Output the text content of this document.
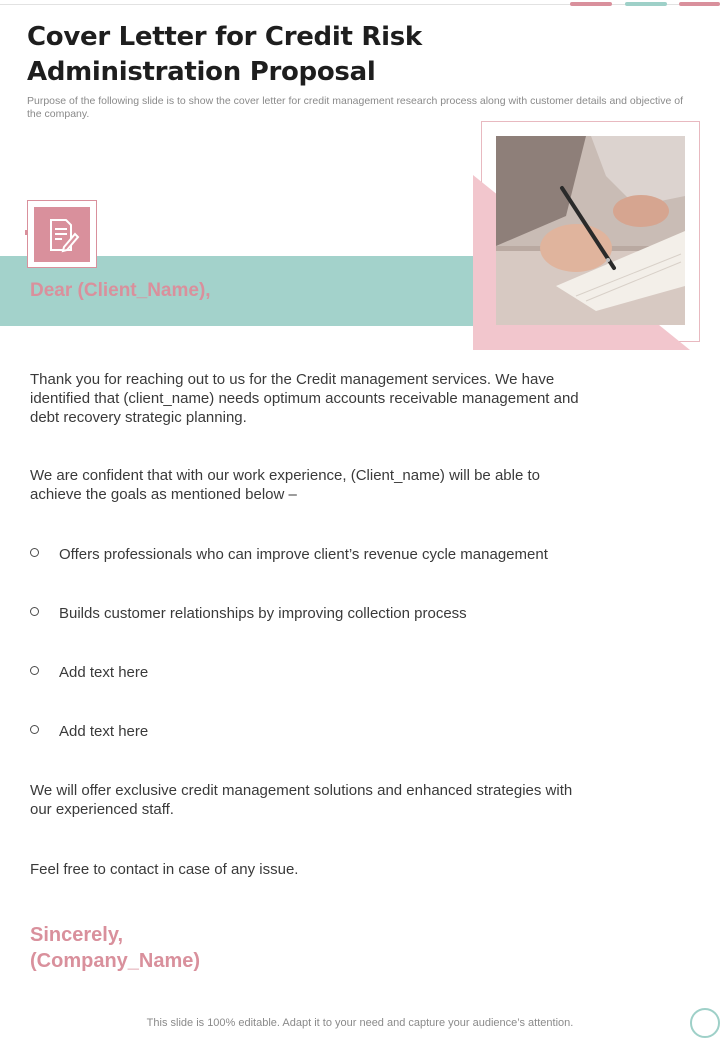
Cover Letter for Credit Risk
Administration Proposal

Purpose of the following slide is to show the cover letter for credit management research process along with customer details and objective of the company.

Dear (Client_Name),

Thank you for reaching out to us for the Credit management services. We have identified that (client_name) needs optimum accounts receivable management and debt recovery strategic planning.

We are confident that with our work experience, (Client_name) will be able to achieve the goals as mentioned below –

Offers professionals who can improve client’s revenue cycle management
Builds customer relationships by improving collection process
Add text here
Add text here

We will offer exclusive credit management solutions and enhanced strategies with our experienced staff.

Feel free to contact in case of any issue.

Sincerely,
(Company_Name)
This slide is 100% editable. Adapt it to your need and capture your audience’s attention.
